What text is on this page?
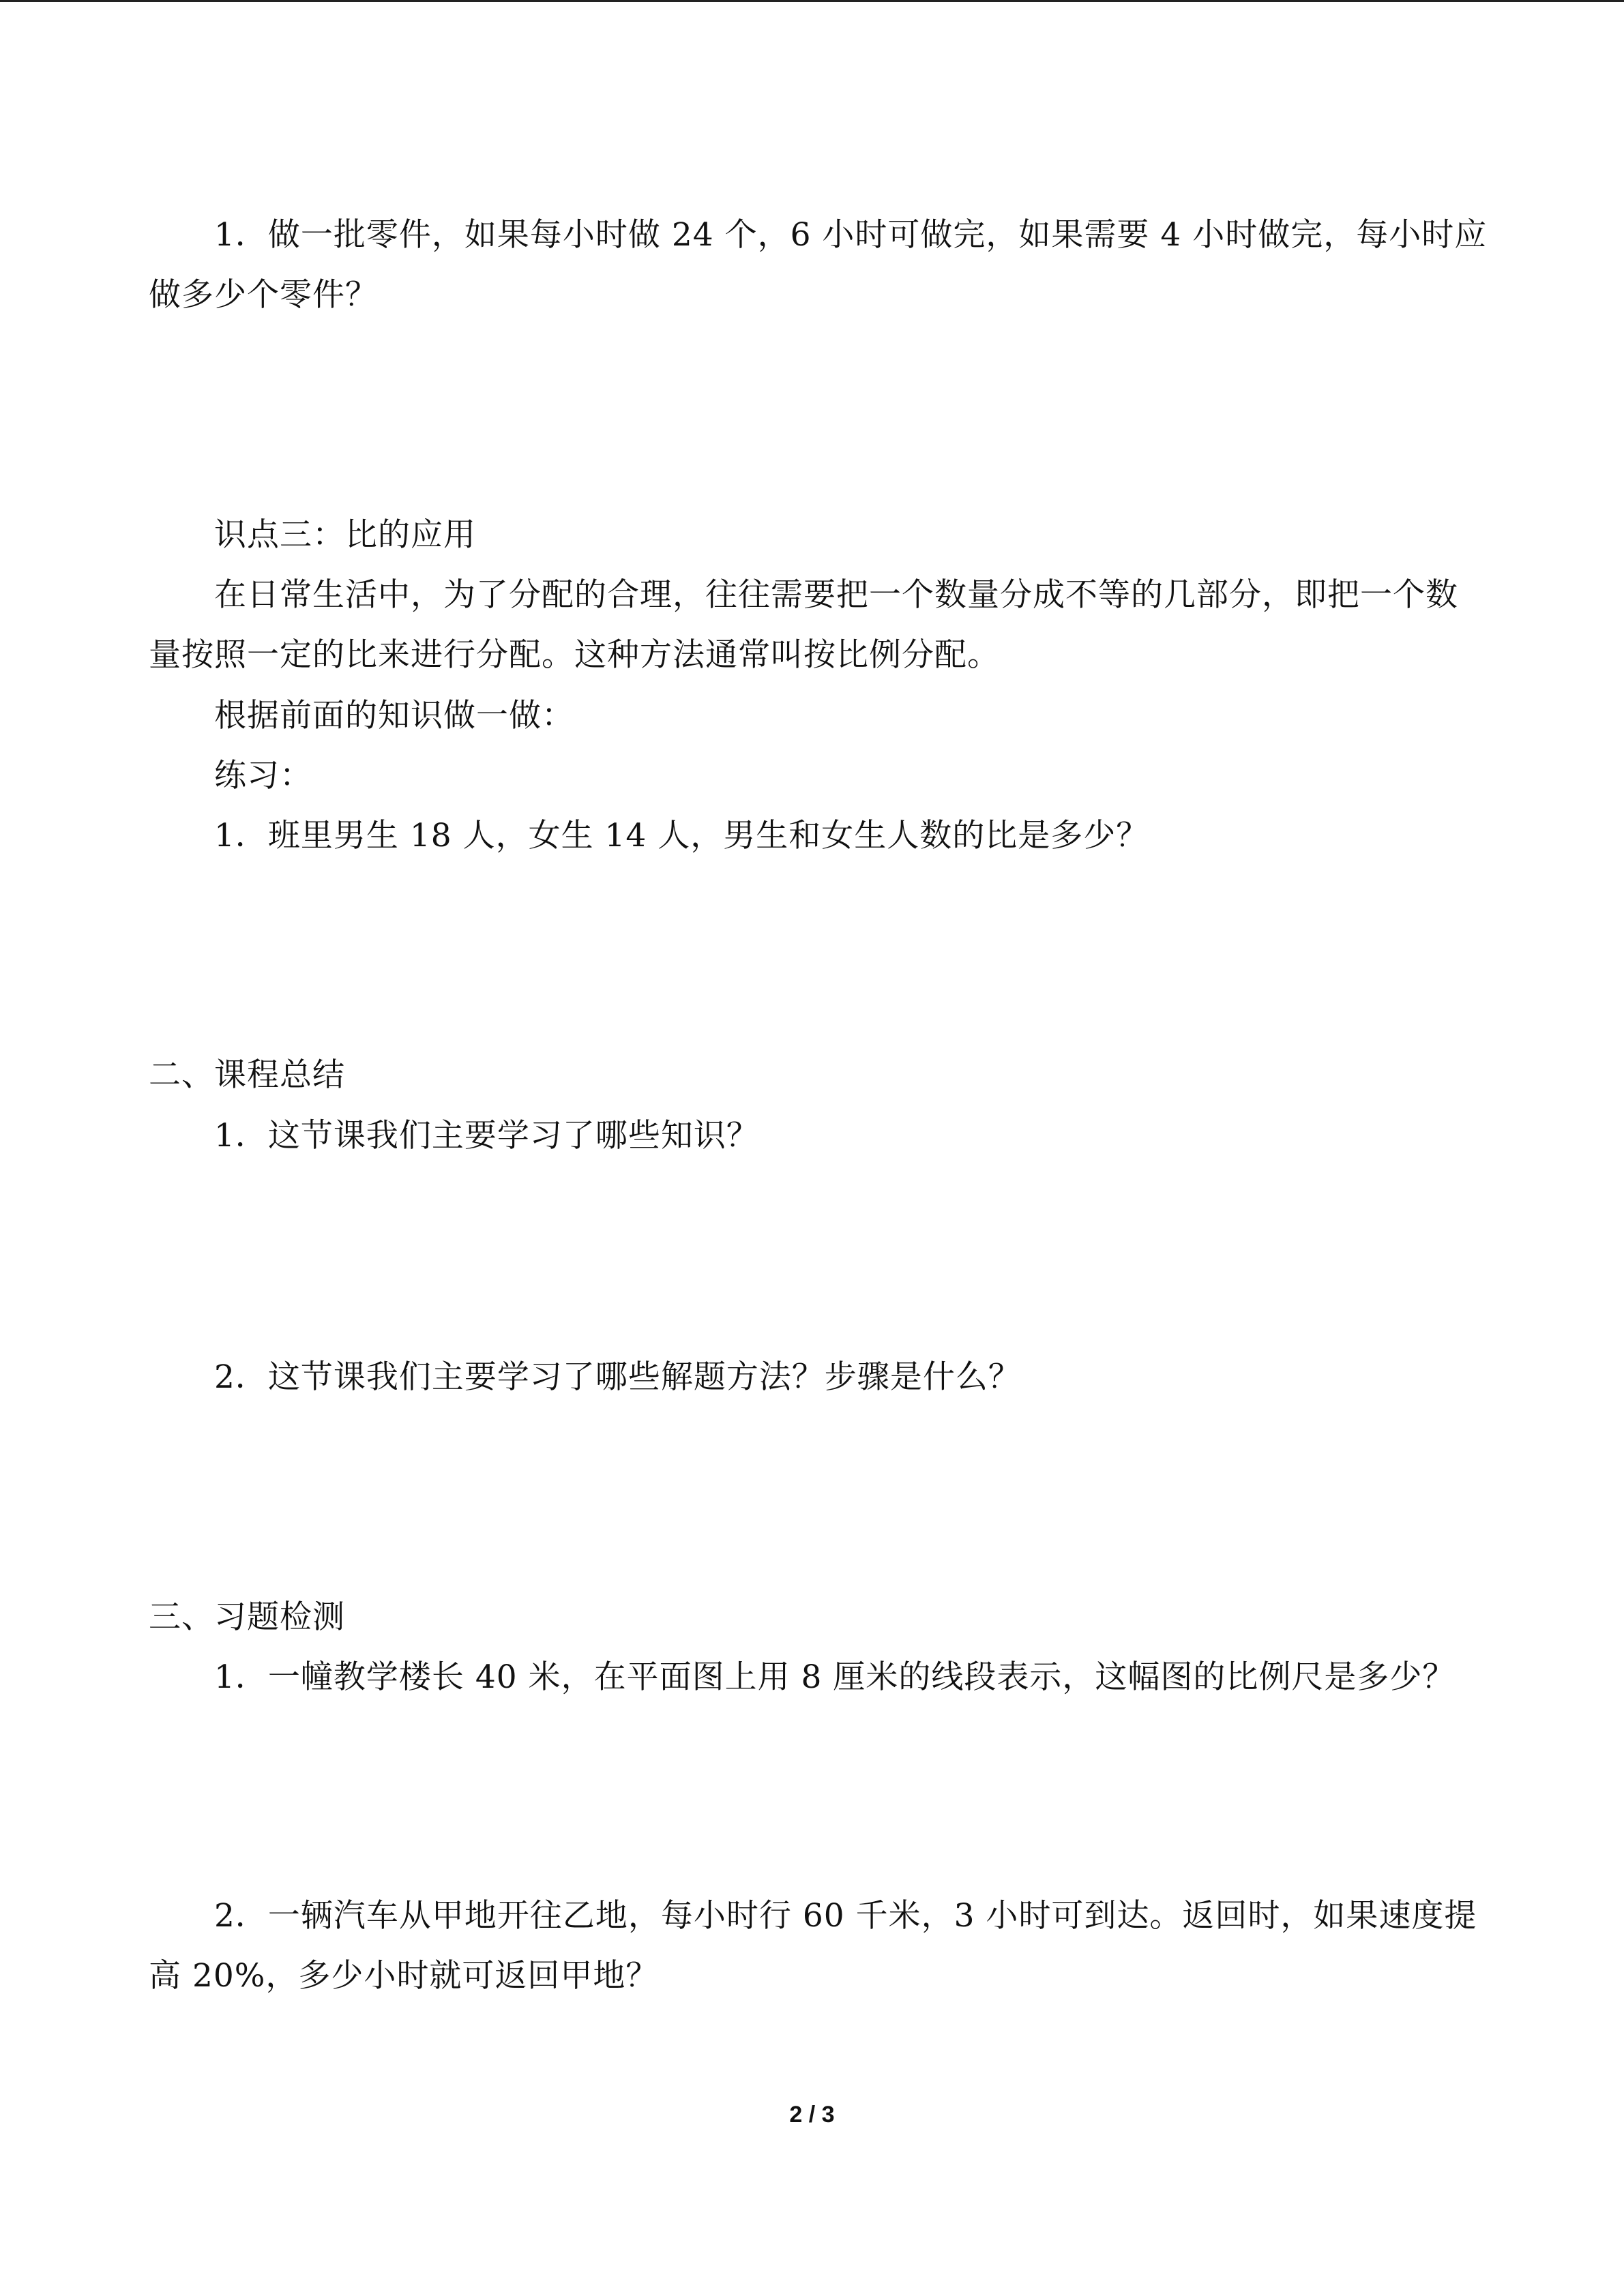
1．做一批零件，如果每小时做 24 个，6 小时可做完，如果需要 4 小时做完，每小时应
做多少个零件？
识点三：比的应用
在日常生活中，为了分配的合理，往往需要把一个数量分成不等的几部分，即把一个数
量按照一定的比来进行分配。这种方法通常叫按比例分配。
根据前面的知识做一做：
练习：
1．班里男生 18 人，女生 14 人，男生和女生人数的比是多少？
二、课程总结
1．这节课我们主要学习了哪些知识？
2．这节课我们主要学习了哪些解题方法？步骤是什么？
三、习题检测
1．一幢教学楼长 40 米，在平面图上用 8 厘米的线段表示，这幅图的比例尺是多少？
2．一辆汽车从甲地开往乙地，每小时行 60 千米，3 小时可到达。返回时，如果速度提
高 20%，多少小时就可返回甲地？
2 / 3
